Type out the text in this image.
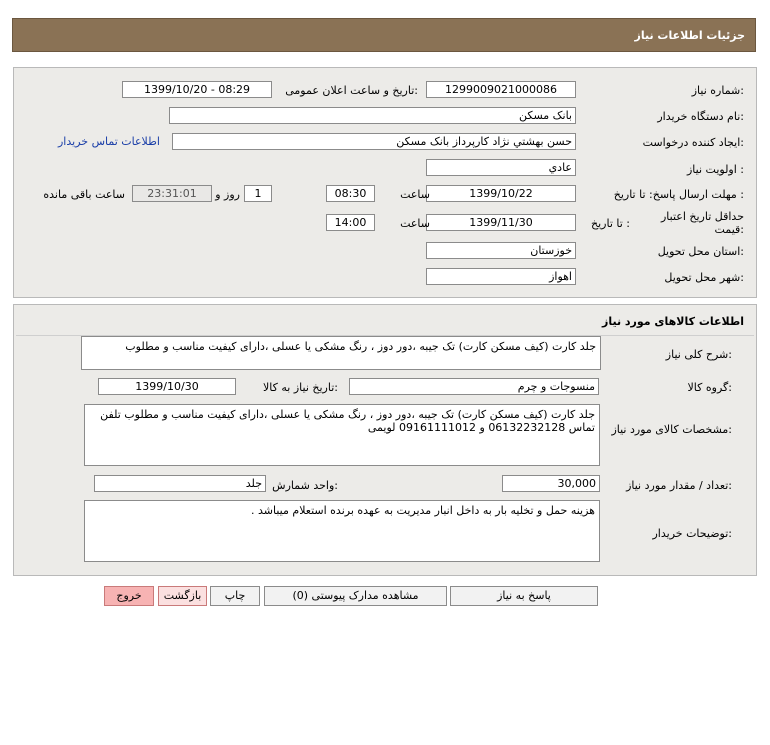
جزئیات اطلاعات نیاز
شماره نیاز:
1299009021000086
تاریخ و ساعت اعلان عمومی:
1399/10/20 - 08:29
نام دستگاه خریدار:
بانک مسکن
ایجاد کننده درخواست:
حسن بهشتي نژاد کارپرداز بانک مسکن
اطلاعات تماس خریدار
اولویت نیاز :
عادي
مهلت ارسال پاسخ: تا تاریخ :
1399/10/22
ساعت
08:30
1
روز و
23:31:01
ساعت باقی مانده
حداقل تاریخ اعتبار قیمت:
تا تاریخ :
1399/11/30
ساعت
14:00
استان محل تحویل:
خوزستان
شهر محل تحویل:
اهواز
اطلاعات کالاهای مورد نیاز
شرح کلی نیاز:
جلد کارت (کیف مسکن کارت) تک جیبه ،دور دوز ، رنگ مشکی یا عسلی ،دارای کیفیت مناسب و مطلوب
گروه کالا:
منسوجات و چرم
تاریخ نیاز به کالا:
1399/10/30
مشخصات کالای مورد نیاز:
جلد کارت (کیف مسکن کارت) تک جیبه ،دور دوز ، رنگ مشکی یا عسلی ،دارای کیفیت مناسب و مطلوب تلفن تماس 06132232128 و 09161111012 لویمی
تعداد / مقدار مورد نیاز:
30,000
واحد شمارش:
جلد
توضیحات خریدار:
هزینه حمل و تخلیه بار به داخل انبار مدیریت به عهده برنده استعلام میباشد .
پاسخ به نیاز
مشاهده مدارک پیوستی (0)
چاپ
بازگشت
خروج
